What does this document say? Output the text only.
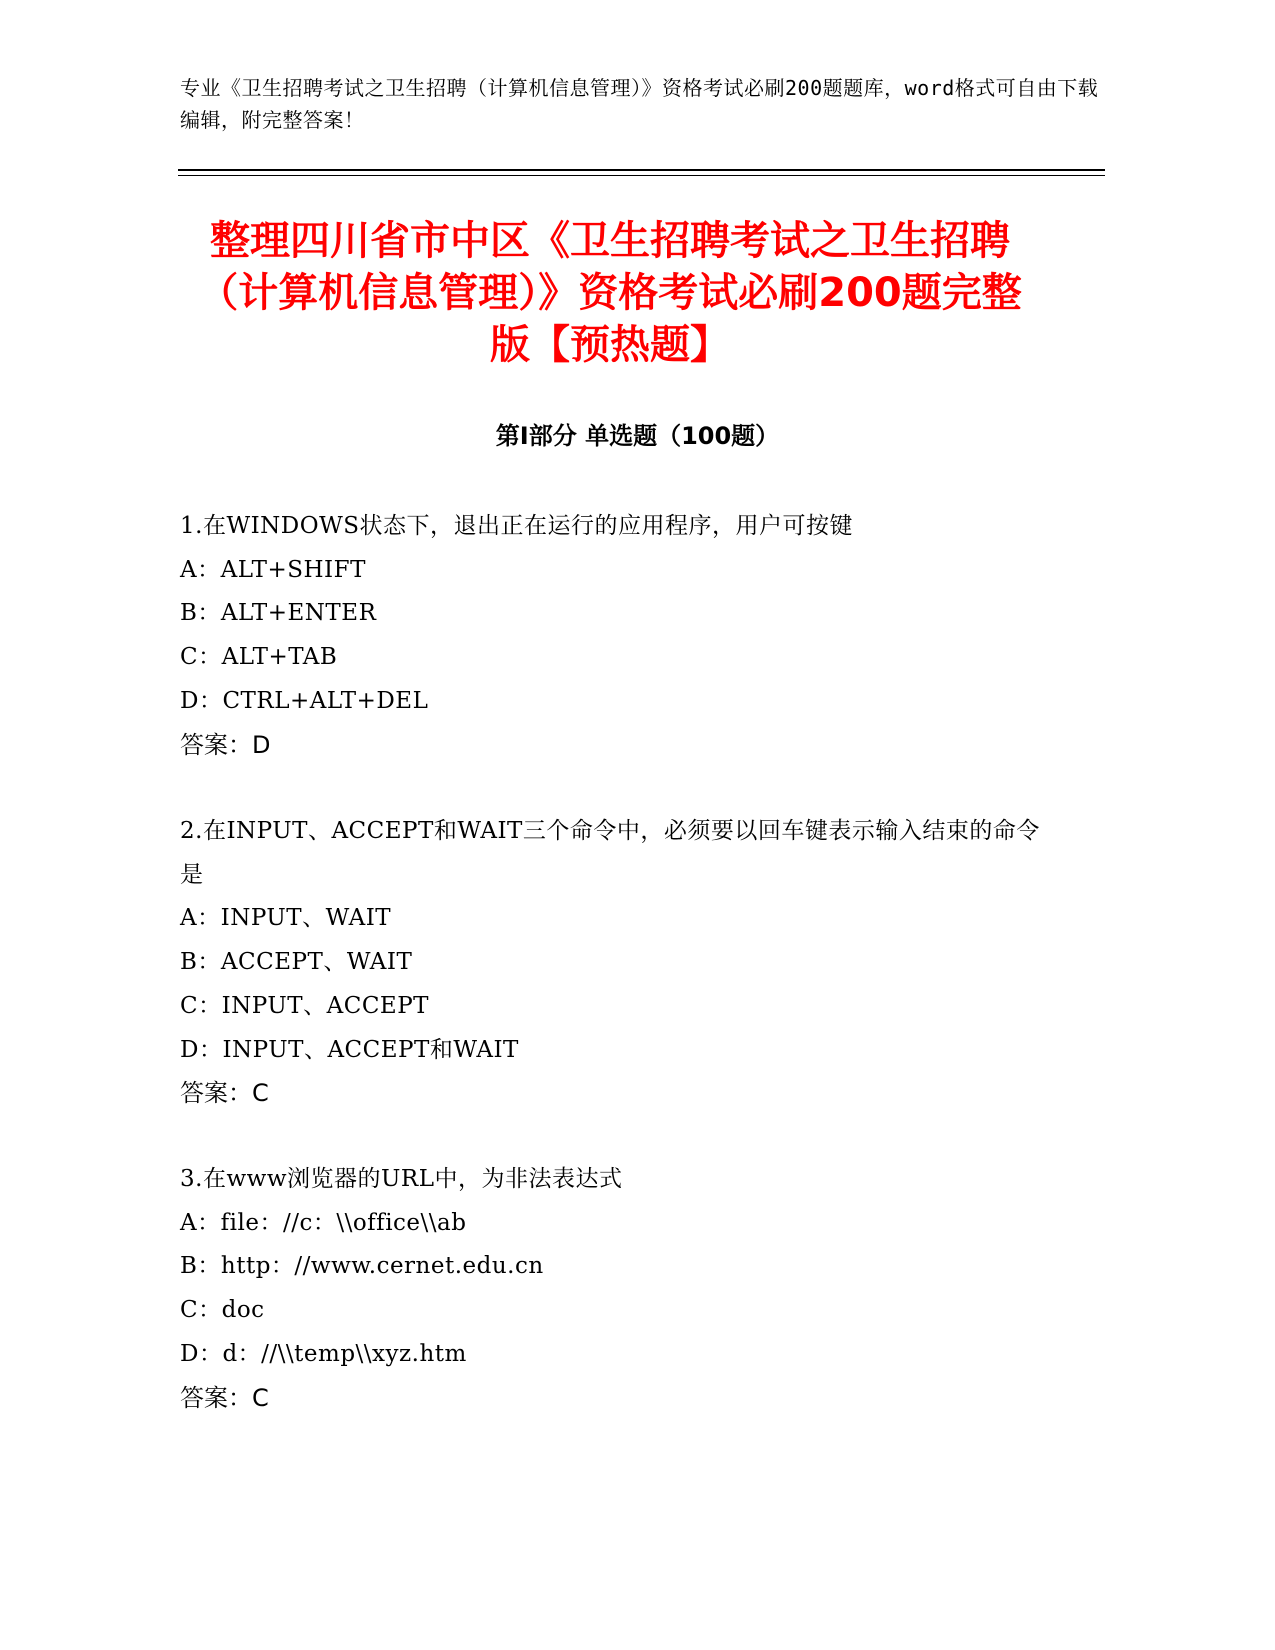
专业《卫生招聘考试之卫生招聘（计算机信息管理）》资格考试必刷200题题库，word格式可自由下载编辑，附完整答案！
整理四川省市中区《卫生招聘考试之卫生招聘（计算机信息管理）》资格考试必刷200题完整版【预热题】
第Ⅰ部分 单选题（100题）
1.在WINDOWS状态下，退出正在运行的应用程序，用户可按键
A：ALT+SHIFT
B：ALT+ENTER
C：ALT+TAB
D：CTRL+ALT+DEL
答案：D
2.在INPUT、ACCEPT和WAIT三个命令中，必须要以回车键表示输入结束的命令是
A：INPUT、WAIT
B：ACCEPT、WAIT
C：INPUT、ACCEPT
D：INPUT、ACCEPT和WAIT
答案：C
3.在www浏览器的URL中，为非法表达式
A：file：//c：\\office\\ab
B：http：//www.cernet.edu.cn
C：doc
D：d：//\\temp\\xyz.htm
答案：C
